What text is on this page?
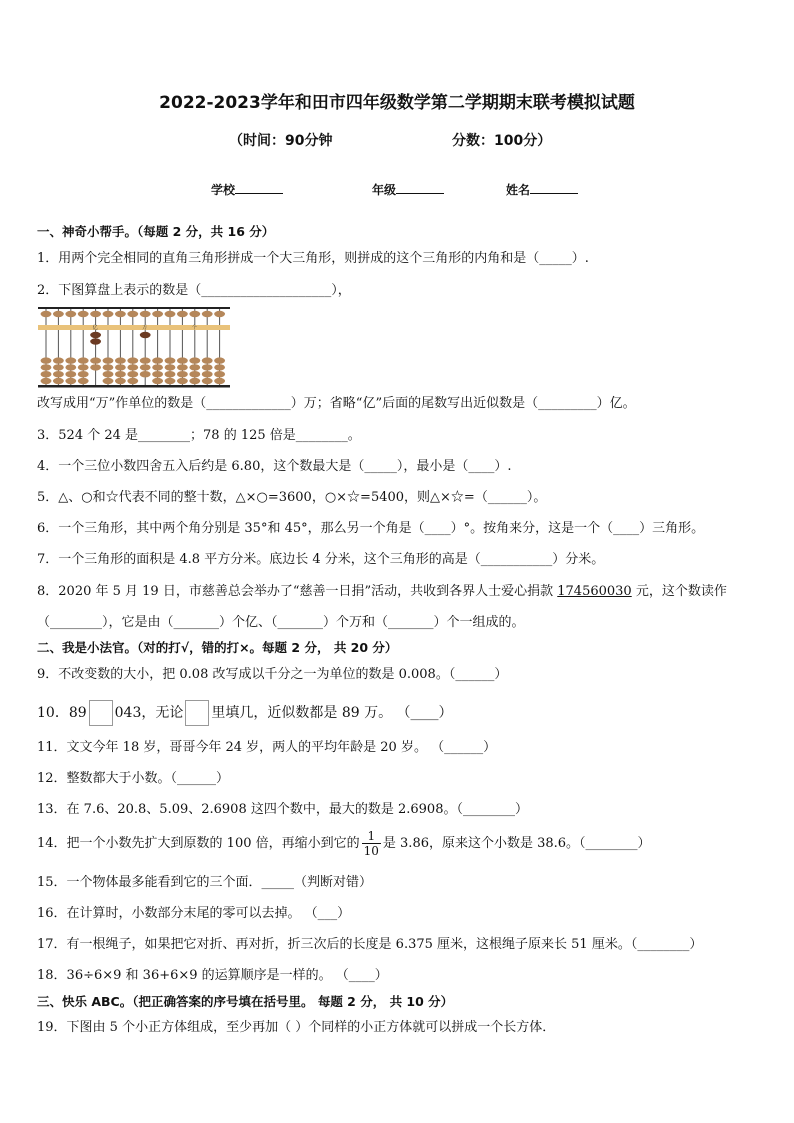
2022-2023学年和田市四年级数学第二学期期末联考模拟试题
（时间：90分钟	分数：100分）
学校	年级	姓名
一、神奇小帮手。（每题 2 分，共 16 分）
1．用两个完全相同的直角三角形拼成一个大三角形，则拼成的这个三角形的内角和是（_____）.
2．下图算盘上表示的数是（____________________），
亿	万	个
改写成用“万”作单位的数是（_____________）万；省略“亿”后面的尾数写出近似数是（_________）亿。
3．524 个 24 是________；78 的 125 倍是________。
4．一个三位小数四舍五入后约是 6.80，这个数最大是（_____），最小是（____）.
5．△、○和☆代表不同的整十数，△×○=3600，○×☆=5400，则△×☆=（______）。
6．一个三角形，其中两个角分别是 35°和 45°，那么另一个角是（____）°。按角来分，这是一个（____）三角形。
7．一个三角形的面积是 4.8 平方分米。底边长 4 分米，这个三角形的高是（___________）分米。
8．2020 年 5 月 19 日，市慈善总会举办了“慈善一日捐”活动，共收到各界人士爱心捐款 174560030 元，这个数读作
（________），它是由（_______）个亿、（_______）个万和（_______）个一组成的。
二、我是小法官。（对的打√，错的打×。每题 2 分， 共 20 分）
9．不改变数的大小，把 0.08 改写成以千分之一为单位的数是 0.008。（______）
10．89 043，无论 里填几，近似数都是 89 万。 （____）
11．文文今年 18 岁，哥哥今年 24 岁，两人的平均年龄是 20 岁。 （______）
12．整数都大于小数。（______）
13．在 7.6、20.8、5.09、2.6908 这四个数中，最大的数是 2.6908。（________）
14．把一个小数先扩大到原数的 100 倍，再缩小到它的 $\frac{1}{10}$ 是 3.86，原来这个小数是 38.6。（________）
15．一个物体最多能看到它的三个面．_____（判断对错）
16．在计算时，小数部分末尾的零可以去掉。 （___）
17．有一根绳子，如果把它对折、再对折，折三次后的长度是 6.375 厘米，这根绳子原来长 51 厘米。（________）
18．36÷6×9 和 36+6×9 的运算顺序是一样的。 （____）
三、快乐 ABC。（把正确答案的序号填在括号里。 每题 2 分， 共 10 分）
19．下图由 5 个小正方体组成，至少再加（ ）个同样的小正方体就可以拼成一个长方体．
